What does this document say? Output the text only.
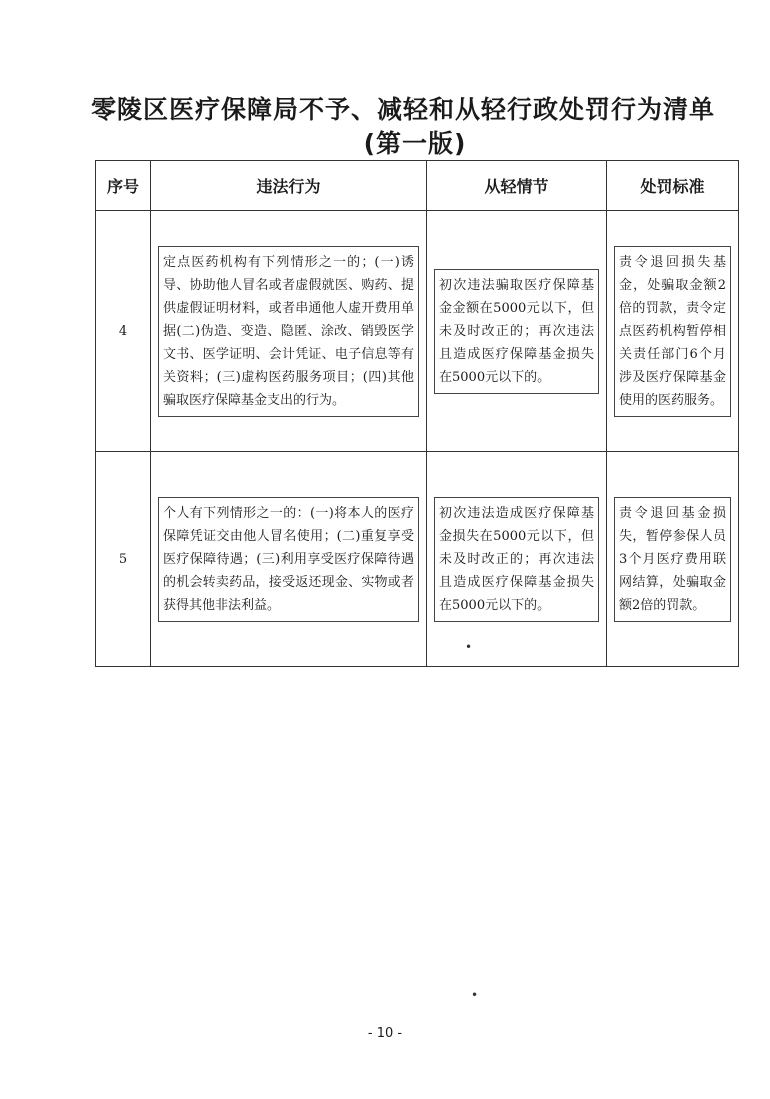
零陵区医疗保障局不予、减轻和从轻行政处罚行为清单
(第一版)
序号	违法行为	从轻情节	处罚标准
4	定点医药机构有下列情形之一的；(一)诱导、协助他人冒名或者虚假就医、购药、提供虚假证明材料，或者串通他人虚开费用单据(二)伪造、变造、隐匿、涂改、销毁医学文书、医学证明、会计凭证、电子信息等有关资料；(三)虚构医药服务项目；(四)其他骗取医疗保障基金支出的行为。	初次违法骗取医疗保障基金金额在5000元以下，但未及时改正的；再次违法且造成医疗保障基金损失在5000元以下的。	责令退回损失基金，处骗取金额2倍的罚款，责令定点医药机构暂停相关责任部门6个月涉及医疗保障基金使用的医药服务。

5	个人有下列情形之一的：(一)将本人的医疗保障凭证交由他人冒名使用；(二)重复享受医疗保障待遇；(三)利用享受医疗保障待遇的机会转卖药品，接受返还现金、实物或者获得其他非法利益。	初次违法造成医疗保障基金损失在5000元以下，但未及时改正的；再次违法且造成医疗保障基金损失在5000元以下的。	责令退回基金损失，暂停参保人员3个月医疗费用联网结算，处骗取金额2倍的罚款。
•
•
- 10 -
